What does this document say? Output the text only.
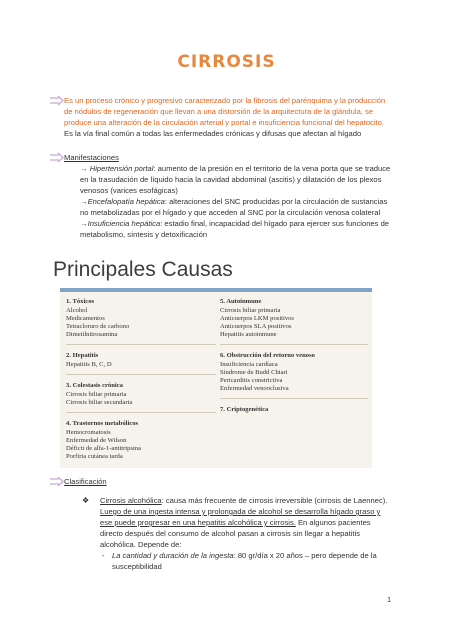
CIRROSIS
Es un proceso crónico y progresivo caracterizado por la fibrosis del parénquima y la producción de nódulos de regeneración que llevan a una distorsión de la arquitectura de la glándula, se produce una alteración de la circulación arterial y portal e insuficiencia funcional del hepatocito. Es la vía final común a todas las enfermedades crónicas y difusas que afectan al hígado
Manifestaciones
→ Hipertensión portal: aumento de la presión en el territorio de la vena porta que se traduce en la trasudación de líquido hacia la cavidad abdominal (ascitis) y dilatación de los plexos venosos (varices esofágicas)
→Encefalopatía hepática: alteraciones del SNC producidas por la circulación de sustancias no metabolizadas por el hígado y que acceden al SNC por la circulación venosa colateral
→Insuficiencia hepática: estadio final, incapacidad del hígado para ejercer sus funciones de metabolismo, síntesis y detoxificación
Principales Causas
1. Tóxicos
Alcohol
Medicamentos
Tetracloruro de carbono
Dimetilnitrosamina
2. Hepatitis
Hepatitis B, C, D
3. Colestasis crónica
Cirrosis biliar primaria
Cirrosis biliar secundaria
4. Trastornos metabólicos
Hemocromatosis
Enfermedad de Wilson
Déficit de alfa-1-antitripsina
Porfiria cutánea tarda
5. Autoinmune
Cirrosis biliar primaria
Anticuerpos LKM positivos
Anticuerpos SLA positivos
Hepatitis autoinmune
6. Obstrucción del retorno venoso
Insuficiencia cardíaca
Síndrome de Budd Chiari
Pericarditis constrictiva
Enfermedad venooclusiva
7. Criptogenética
Clasificación
❖	Cirrosis alcohólica: causa más frecuente de cirrosis irreversible (cirrosis de Laennec). Luego de una ingesta intensa y prolongada de alcohol se desarrolla hígado graso y ese puede progresar en una hepatitis alcohólica y cirrosis. En algunos pacientes directo después del consumo de alcohol pasan a cirrosis sin llegar a hepatitis alcohólica. Depende de:
- La cantidad y duración de la ingesta: 80 gr/día x 20 años – pero depende de la susceptibilidad
1
